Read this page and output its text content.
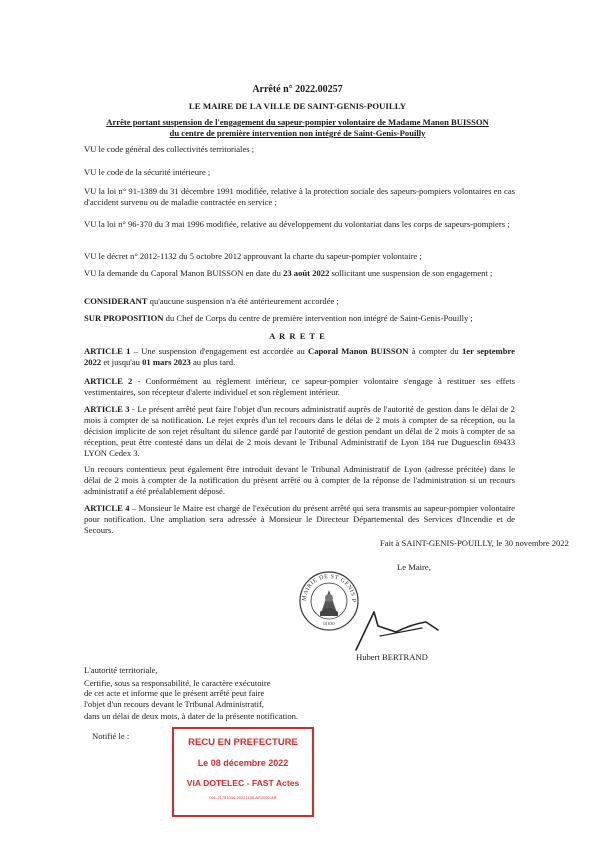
Arrêté n° 2022.00257
LE MAIRE DE LA VILLE DE SAINT-GENIS-POUILLY
Arrête portant suspension de l'engagement du sapeur-pompier volontaire de Madame Manon BUISSON
du centre de première intervention non intégré de Saint-Genis-Pouilly

VU le code général des collectivités territoriales ;

VU le code de la sécurité intérieure ;

VU la loi n° 91-1389 du 31 décembre 1991 modifiée, relative à la protection sociale des sapeurs-pompiers volontaires en cas d'accident survenu ou de maladie contractée en service ;

VU la loi n° 96-370 du 3 mai 1996 modifiée, relative au développement du volontariat dans les corps de sapeurs-pompiers ;

VU le décret n° 2012-1132 du 5 octobre 2012 approuvant la charte du sapeur-pompier volontaire ;

VU la demande du Caporal Manon BUISSON en date du 23 août 2022 sollicitant une suspension de son engagement ;

CONSIDERANT qu'aucune suspension n'a été antérieurement accordée ;

SUR PROPOSITION du Chef de Corps du centre de première intervention non intégré de Saint-Genis-Pouilly ;

A R R E T E

ARTICLE 1 – Une suspension d'engagement est accordée au Caporal Manon BUISSON à compter du 1er septembre 2022 et jusqu'au 01 mars 2023 au plus tard.

ARTICLE 2 - Conformément au règlement intérieur, ce sapeur-pompier volontaire s'engage à restituer ses effets vestimentaires, son récepteur d'alerte individuel et son règlement intérieur.

ARTICLE 3 - Le présent arrêté peut faire l'objet d'un recours administratif auprès de l'autorité de gestion dans le délai de 2 mois à compter de sa notification. Le rejet exprès d'un tel recours dans le délai de 2 mois à compter de sa réception, ou la décision implicite de son rejet résultant du silence gardé par l'autorité de gestion pendant un délai de 2 mois à compter de sa réception, peut être contesté dans un délai de 2 mois devant le Tribunal Administratif de Lyon 184 rue Duguesclin 69433 LYON Cedex 3.

Un recours contentieux peut également être introduit devant le Tribunal Administratif de Lyon (adresse précitée) dans le délai de 2 mois à compter de la notification du présent arrêté ou à compter de la réponse de l'administration si un recours administratif a été préalablement déposé.

ARTICLE 4 – Monsieur le Maire est chargé de l'exécution du présent arrêté qui sera transmis au sapeur-pompier volontaire pour notification. Une ampliation sera adressée à Monsieur le Directeur Départemental des Services d'Incendie et de Secours.

Fait à SAINT-GENIS-POUILLY, le 30 novembre 2022
Le Maire,
MAIRIE DE ST GENIS P
01630
Hubert BERTRAND
L'autorité territoriale,
Certifie, sous sa responsabilité, le caractère exécutoire
de cet acte et informe que le présent arrêté peut faire
l'objet d'un recours devant le Tribunal Administratif,
dans un délai de deux mois, à dater de la présente notification.
Notifié le :
RECU EN PREFECTURE
Le 08 décembre 2022
VIA DOTELEC - FAST Actes
001-21791044-20221130-AR2022-AR
